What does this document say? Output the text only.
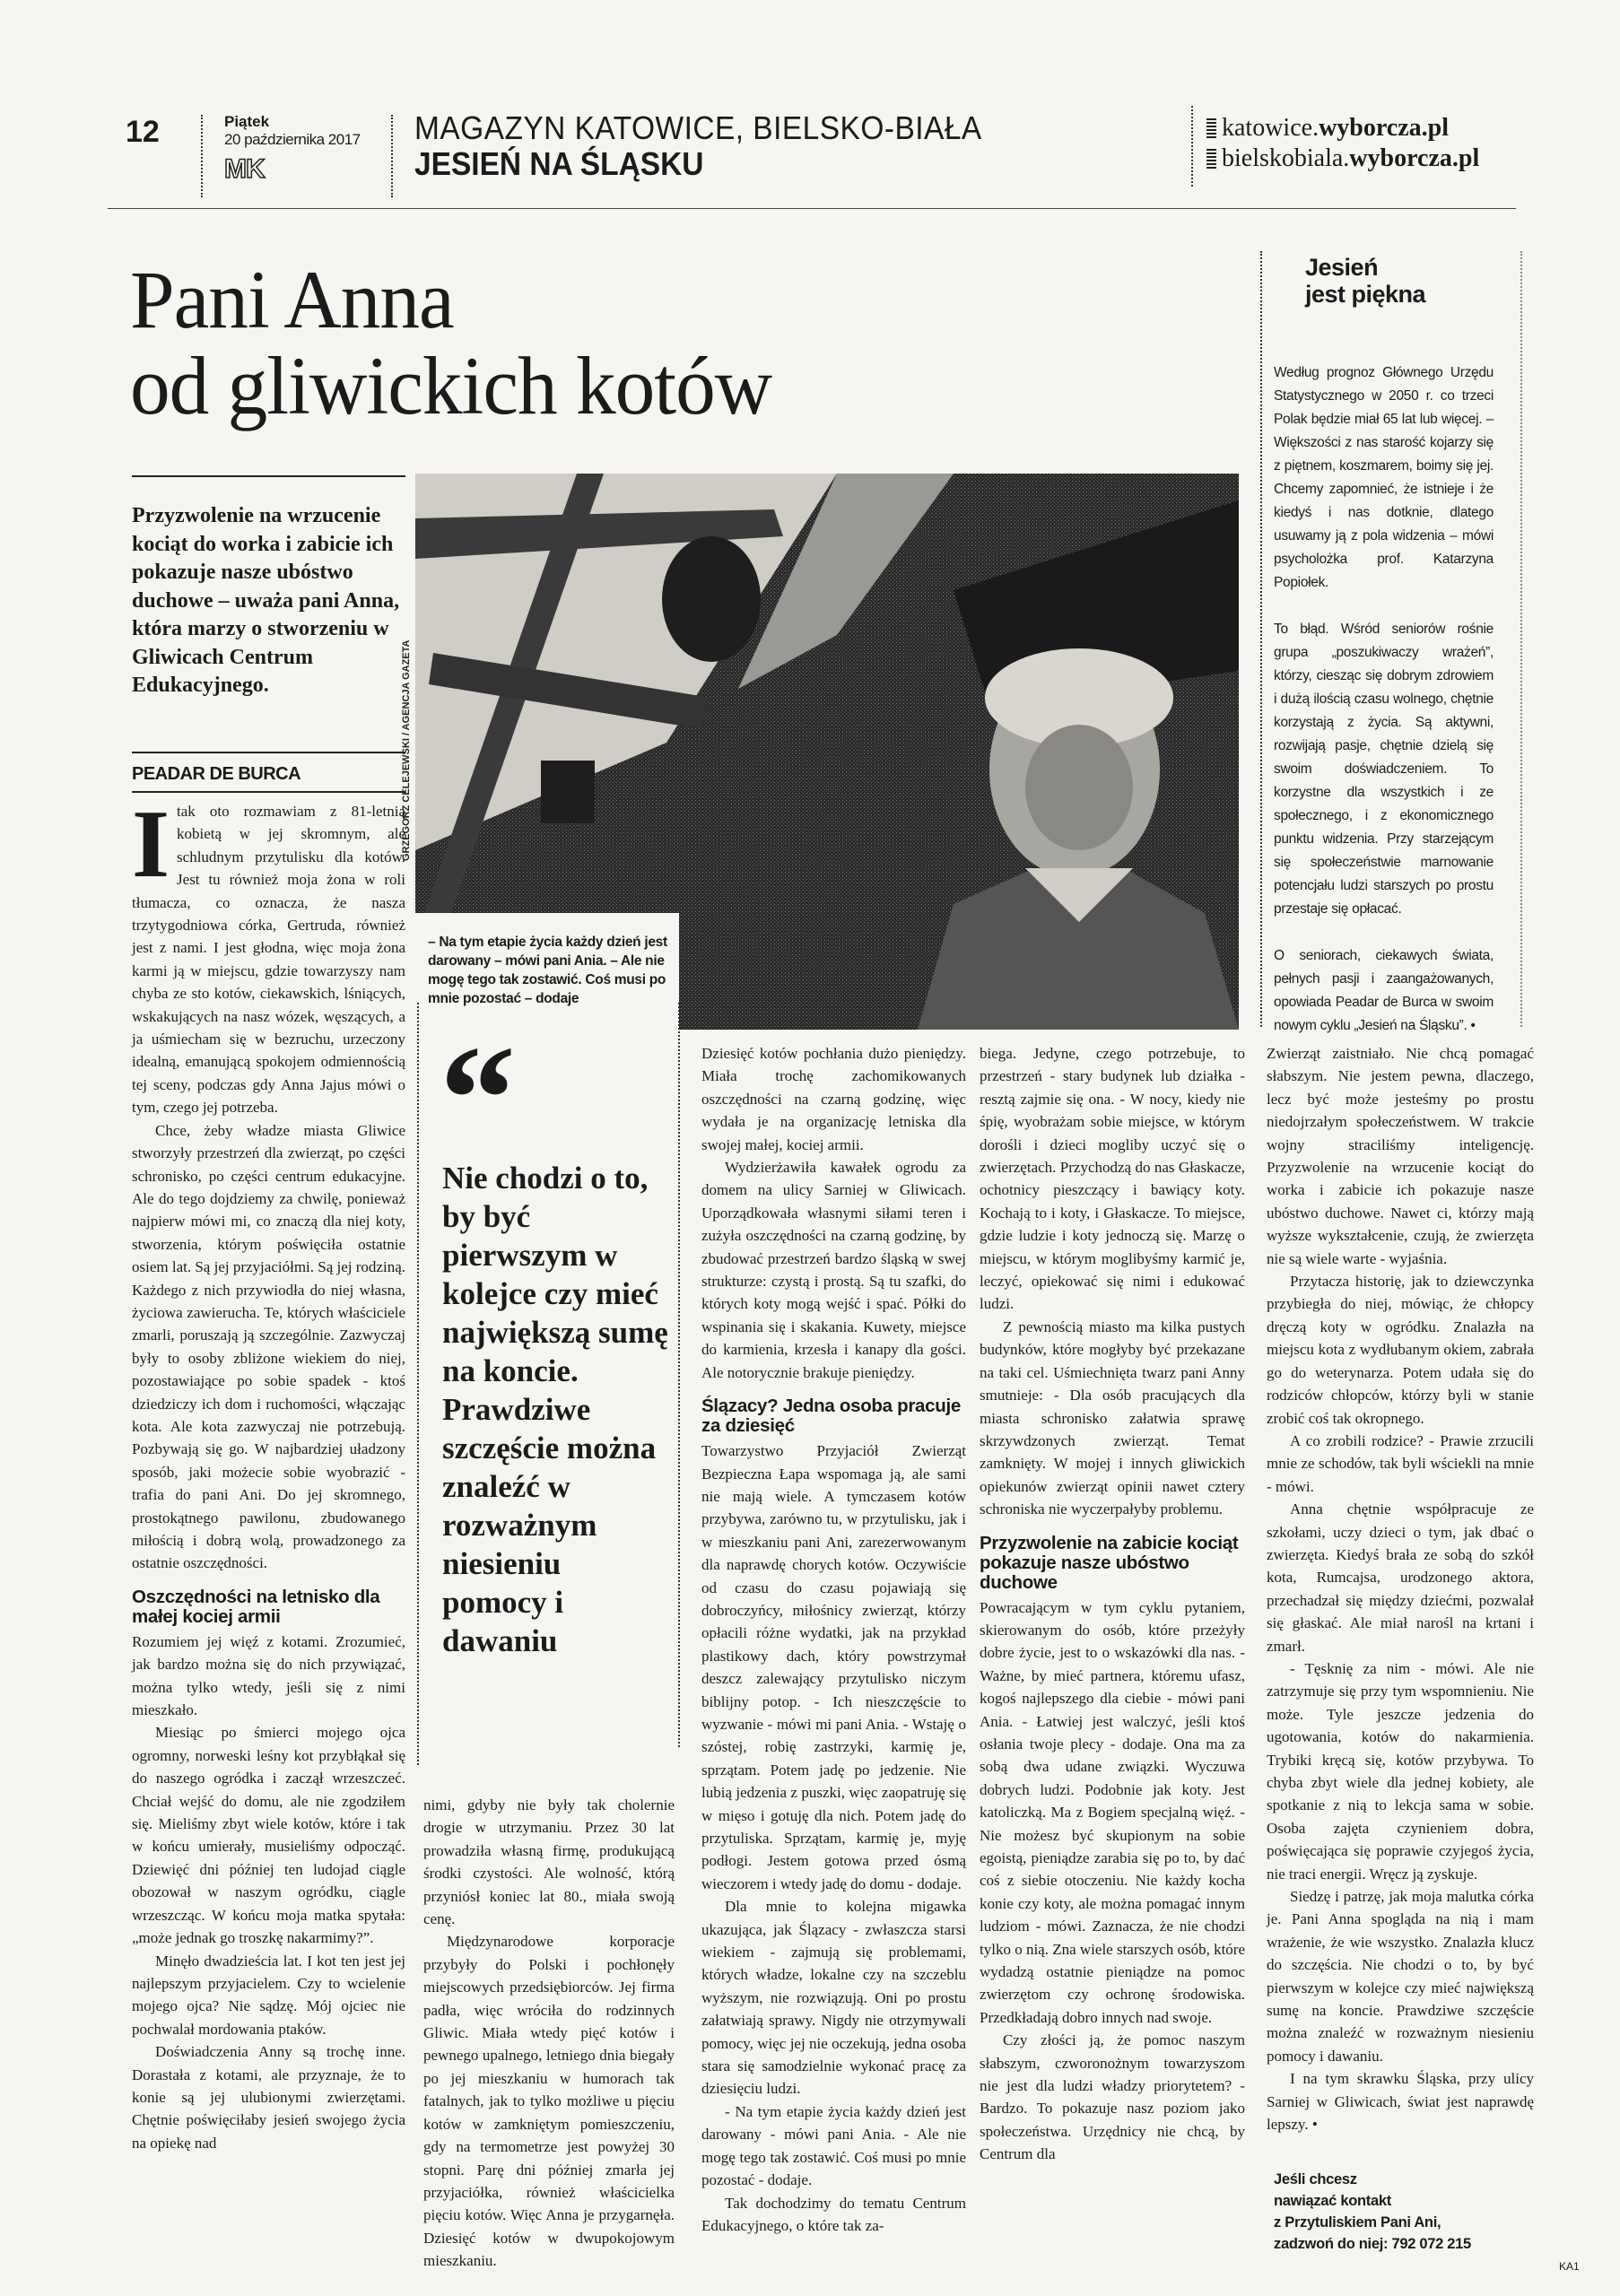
12	Piątek
20 października 2017
MK
MAGAZYN KATOWICE, BIELSKO-BIAŁA
JESIEŃ NA ŚLĄSKU
katowice.wyborcza.pl
bielskobiala.wyborcza.pl
Pani Anna
od gliwickich kotów
Przyzwolenie na wrzucenie kociąt do worka i zabicie ich pokazuje nasze ubóstwo duchowe – uważa pani Anna, która marzy o stworzeniu w Gliwicach Centrum Edukacyjnego.
PEADAR DE BURCA	GRZEGORZ CELEJEWSKI / AGENCJA GAZETA
– Na tym etapie życia każdy dzień jest darowany – mówi pani Ania. – Ale nie mogę tego tak zostawić. Coś musi po mnie pozostać – dodaje
“
Nie chodzi o to, by być pierwszym w kolejce czy mieć największą sumę na koncie. Prawdziwe szczęście można znaleźć w rozważnym niesieniu pomocy i dawaniu

Itak oto rozmawiam z 81-letnią kobietą w jej skromnym, ale schludnym przytulisku dla kotów. Jest tu również moja żona w roli tłumacza, co oznacza, że nasza trzytygodniowa córka, Gertruda, również jest z nami. I jest głodna, więc moja żona karmi ją w miejscu, gdzie towarzyszy nam chyba ze sto kotów, ciekawskich, lśniących, wskakujących na nasz wózek, węszących, a ja uśmiecham się w bezruchu, urzeczony idealną, emanującą spokojem odmiennością tej sceny, podczas gdy Anna Jajus mówi o tym, czego jej potrzeba.

Chce, żeby władze miasta Gliwice stworzyły przestrzeń dla zwierząt, po części schronisko, po części centrum edukacyjne. Ale do tego dojdziemy za chwilę, ponieważ najpierw mówi mi, co znaczą dla niej koty, stworzenia, którym poświęciła ostatnie osiem lat. Są jej przyjaciółmi. Są jej rodziną. Każdego z nich przywiodła do niej własna, życiowa zawierucha. Te, których właściciele zmarli, poruszają ją szczególnie. Zazwyczaj były to osoby zbliżone wiekiem do niej, pozostawiające po sobie spadek - ktoś dziedziczy ich dom i ruchomości, włączając kota. Ale kota zazwyczaj nie potrzebują. Pozbywają się go. W najbardziej uładzony sposób, jaki możecie sobie wyobrazić - trafia do pani Ani. Do jej skromnego, prostokątnego pawilonu, zbudowanego miłością i dobrą wolą, prowadzonego za ostatnie oszczędności.

Oszczędności na letnisko dla małej kociej armii

Rozumiem jej więź z kotami. Zrozumieć, jak bardzo można się do nich przywiązać, można tylko wtedy, jeśli się z nimi mieszkało.

Miesiąc po śmierci mojego ojca ogromny, norweski leśny kot przybłąkał się do naszego ogródka i zaczął wrzeszczeć. Chciał wejść do domu, ale nie zgodziłem się. Mieliśmy zbyt wiele kotów, które i tak w końcu umierały, musieliśmy odpocząć. Dziewięć dni później ten ludojad ciągle obozował w naszym ogródku, ciągle wrzeszcząc. W końcu moja matka spytała: „może jednak go troszkę nakarmimy?”.

Minęło dwadzieścia lat. I kot ten jest jej najlepszym przyjacielem. Czy to wcielenie mojego ojca? Nie sądzę. Mój ojciec nie pochwalał mordowania ptaków.

Doświadczenia Anny są trochę inne. Dorastała z kotami, ale przyznaje, że to konie są jej ulubionymi zwierzętami. Chętnie poświęciłaby jesień swojego życia na opiekę nad

nimi, gdyby nie były tak cholernie drogie w utrzymaniu. Przez 30 lat prowadziła własną firmę, produkującą środki czystości. Ale wolność, którą przyniósł koniec lat 80., miała swoją cenę.

Międzynarodowe korporacje przybyły do Polski i pochłonęły miejscowych przedsiębiorców. Jej firma padła, więc wróciła do rodzinnych Gliwic. Miała wtedy pięć kotów i pewnego upalnego, letniego dnia biegały po jej mieszkaniu w humorach tak fatalnych, jak to tylko możliwe u pięciu kotów w zamkniętym pomieszczeniu, gdy na termometrze jest powyżej 30 stopni. Parę dni później zmarła jej przyjaciółka, również właścicielka pięciu kotów. Więc Anna je przygarnęła. Dziesięć kotów w dwupokojowym mieszkaniu.

Dziesięć kotów pochłania dużo pieniędzy. Miała trochę zachomikowanych oszczędności na czarną godzinę, więc wydała je na organizację letniska dla swojej małej, kociej armii.

Wydzierżawiła kawałek ogrodu za domem na ulicy Sarniej w Gliwicach. Uporządkowała własnymi siłami teren i zużyła oszczędności na czarną godzinę, by zbudować przestrzeń bardzo śląską w swej strukturze: czystą i prostą. Są tu szafki, do których koty mogą wejść i spać. Półki do wspinania się i skakania. Kuwety, miejsce do karmienia, krzesła i kanapy dla gości. Ale notorycznie brakuje pieniędzy.

Ślązacy? Jedna osoba pracuje za dziesięć

Towarzystwo Przyjaciół Zwierząt Bezpieczna Łapa wspomaga ją, ale sami nie mają wiele. A tymczasem kotów przybywa, zarówno tu, w przytulisku, jak i w mieszkaniu pani Ani, zarezerwowanym dla naprawdę chorych kotów. Oczywiście od czasu do czasu pojawiają się dobroczyńcy, miłośnicy zwierząt, którzy opłacili różne wydatki, jak na przykład plastikowy dach, który powstrzymał deszcz zalewający przytulisko niczym biblijny potop. - Ich nieszczęście to wyzwanie - mówi mi pani Ania. - Wstaję o szóstej, robię zastrzyki, karmię je, sprzątam. Potem jadę po jedzenie. Nie lubią jedzenia z puszki, więc zaopatruję się w mięso i gotuję dla nich. Potem jadę do przytuliska. Sprzątam, karmię je, myję podłogi. Jestem gotowa przed ósmą wieczorem i wtedy jadę do domu - dodaje.

Dla mnie to kolejna migawka ukazująca, jak Ślązacy - zwłaszcza starsi wiekiem - zajmują się problemami, których władze, lokalne czy na szczeblu wyższym, nie rozwiązują. Oni po prostu załatwiają sprawy. Nigdy nie otrzymywali pomocy, więc jej nie oczekują, jedna osoba stara się samodzielnie wykonać pracę za dziesięciu ludzi.

- Na tym etapie życia każdy dzień jest darowany - mówi pani Ania. - Ale nie mogę tego tak zostawić. Coś musi po mnie pozostać - dodaje.

Tak dochodzimy do tematu Centrum Edukacyjnego, o które tak za-

biega. Jedyne, czego potrzebuje, to przestrzeń - stary budynek lub działka - resztą zajmie się ona. - W nocy, kiedy nie śpię, wyobrażam sobie miejsce, w którym dorośli i dzieci mogliby uczyć się o zwierzętach. Przychodzą do nas Głaskacze, ochotnicy pieszczący i bawiący koty. Kochają to i koty, i Głaskacze. To miejsce, gdzie ludzie i koty jednoczą się. Marzę o miejscu, w którym moglibyśmy karmić je, leczyć, opiekować się nimi i edukować ludzi.

Z pewnością miasto ma kilka pustych budynków, które mogłyby być przekazane na taki cel. Uśmiechnięta twarz pani Anny smutnieje: - Dla osób pracujących dla miasta schronisko załatwia sprawę skrzywdzonych zwierząt. Temat zamknięty. W mojej i innych gliwickich opiekunów zwierząt opinii nawet cztery schroniska nie wyczerpałyby problemu.

Przyzwolenie na zabicie kociąt pokazuje nasze ubóstwo duchowe

Powracającym w tym cyklu pytaniem, skierowanym do osób, które przeżyły dobre życie, jest to o wskazówki dla nas. - Ważne, by mieć partnera, któremu ufasz, kogoś najlepszego dla ciebie - mówi pani Ania. - Łatwiej jest walczyć, jeśli ktoś osłania twoje plecy - dodaje. Ona ma za sobą dwa udane związki. Wyczuwa dobrych ludzi. Podobnie jak koty. Jest katoliczką. Ma z Bogiem specjalną więź. - Nie możesz być skupionym na sobie egoistą, pieniądze zarabia się po to, by dać coś z siebie otoczeniu. Nie każdy kocha konie czy koty, ale można pomagać innym ludziom - mówi. Zaznacza, że nie chodzi tylko o nią. Zna wiele starszych osób, które wydadzą ostatnie pieniądze na pomoc zwierzętom czy ochronę środowiska. Przedkładają dobro innych nad swoje.

Czy złości ją, że pomoc naszym słabszym, czworonożnym towarzyszom nie jest dla ludzi władzy priorytetem? - Bardzo. To pokazuje nasz poziom jako społeczeństwa. Urzędnicy nie chcą, by Centrum dla

Zwierząt zaistniało. Nie chcą pomagać słabszym. Nie jestem pewna, dlaczego, lecz być może jesteśmy po prostu niedojrzałym społeczeństwem. W trakcie wojny straciliśmy inteligencję. Przyzwolenie na wrzucenie kociąt do worka i zabicie ich pokazuje nasze ubóstwo duchowe. Nawet ci, którzy mają wyższe wykształcenie, czują, że zwierzęta nie są wiele warte - wyjaśnia.

Przytacza historię, jak to dziewczynka przybiegła do niej, mówiąc, że chłopcy dręczą koty w ogródku. Znalazła na miejscu kota z wydłubanym okiem, zabrała go do weterynarza. Potem udała się do rodziców chłopców, którzy byli w stanie zrobić coś tak okropnego.

A co zrobili rodzice? - Prawie zrzucili mnie ze schodów, tak byli wściekli na mnie - mówi.

Anna chętnie współpracuje ze szkołami, uczy dzieci o tym, jak dbać o zwierzęta. Kiedyś brała ze sobą do szkół kota, Rumcajsa, urodzonego aktora, przechadzał się między dziećmi, pozwalał się głaskać. Ale miał narośl na krtani i zmarł.

- Tęsknię za nim - mówi. Ale nie zatrzymuje się przy tym wspomnieniu. Nie może. Tyle jeszcze jedzenia do ugotowania, kotów do nakarmienia. Trybiki kręcą się, kotów przybywa. To chyba zbyt wiele dla jednej kobiety, ale spotkanie z nią to lekcja sama w sobie. Osoba zajęta czynieniem dobra, poświęcająca się poprawie czyjegoś życia, nie traci energii. Wręcz ją zyskuje.

Siedzę i patrzę, jak moja malutka córka je. Pani Anna spogląda na nią i mam wrażenie, że wie wszystko. Znalazła klucz do szczęścia. Nie chodzi o to, by być pierwszym w kolejce czy mieć największą sumę na koncie. Prawdziwe szczęście można znaleźć w rozważnym niesieniu pomocy i dawaniu.

I na tym skrawku Śląska, przy ulicy Sarniej w Gliwicach, świat jest naprawdę lepszy. •

Jeśli chcesz
nawiązać kontakt
z Przytuliskiem Pani Ani,
zadzwoń do niej: 792 072 215
Jesień
jest piękna

Według prognoz Głównego Urzędu Statystycznego w 2050 r. co trzeci Polak będzie miał 65 lat lub więcej. – Większości z nas starość kojarzy się z piętnem, koszmarem, boimy się jej. Chcemy zapomnieć, że istnieje i że kiedyś i nas dotknie, dlatego usuwamy ją z pola widzenia – mówi psycholożka prof. Katarzyna Popiołek.

To błąd. Wśród seniorów rośnie grupa „poszukiwaczy wrażeń”, którzy, ciesząc się dobrym zdrowiem i dużą ilością czasu wolnego, chętnie korzystają z życia. Są aktywni, rozwijają pasje, chętnie dzielą się swoim doświadczeniem. To korzystne dla wszystkich i ze społecznego, i z ekonomicznego punktu widzenia. Przy starzejącym się społeczeństwie marnowanie potencjału ludzi starszych po prostu przestaje się opłacać.

O seniorach, ciekawych świata, pełnych pasji i zaangażowanych, opowiada Peadar de Burca w swoim nowym cyklu „Jesień na Śląsku”. •

KA1
